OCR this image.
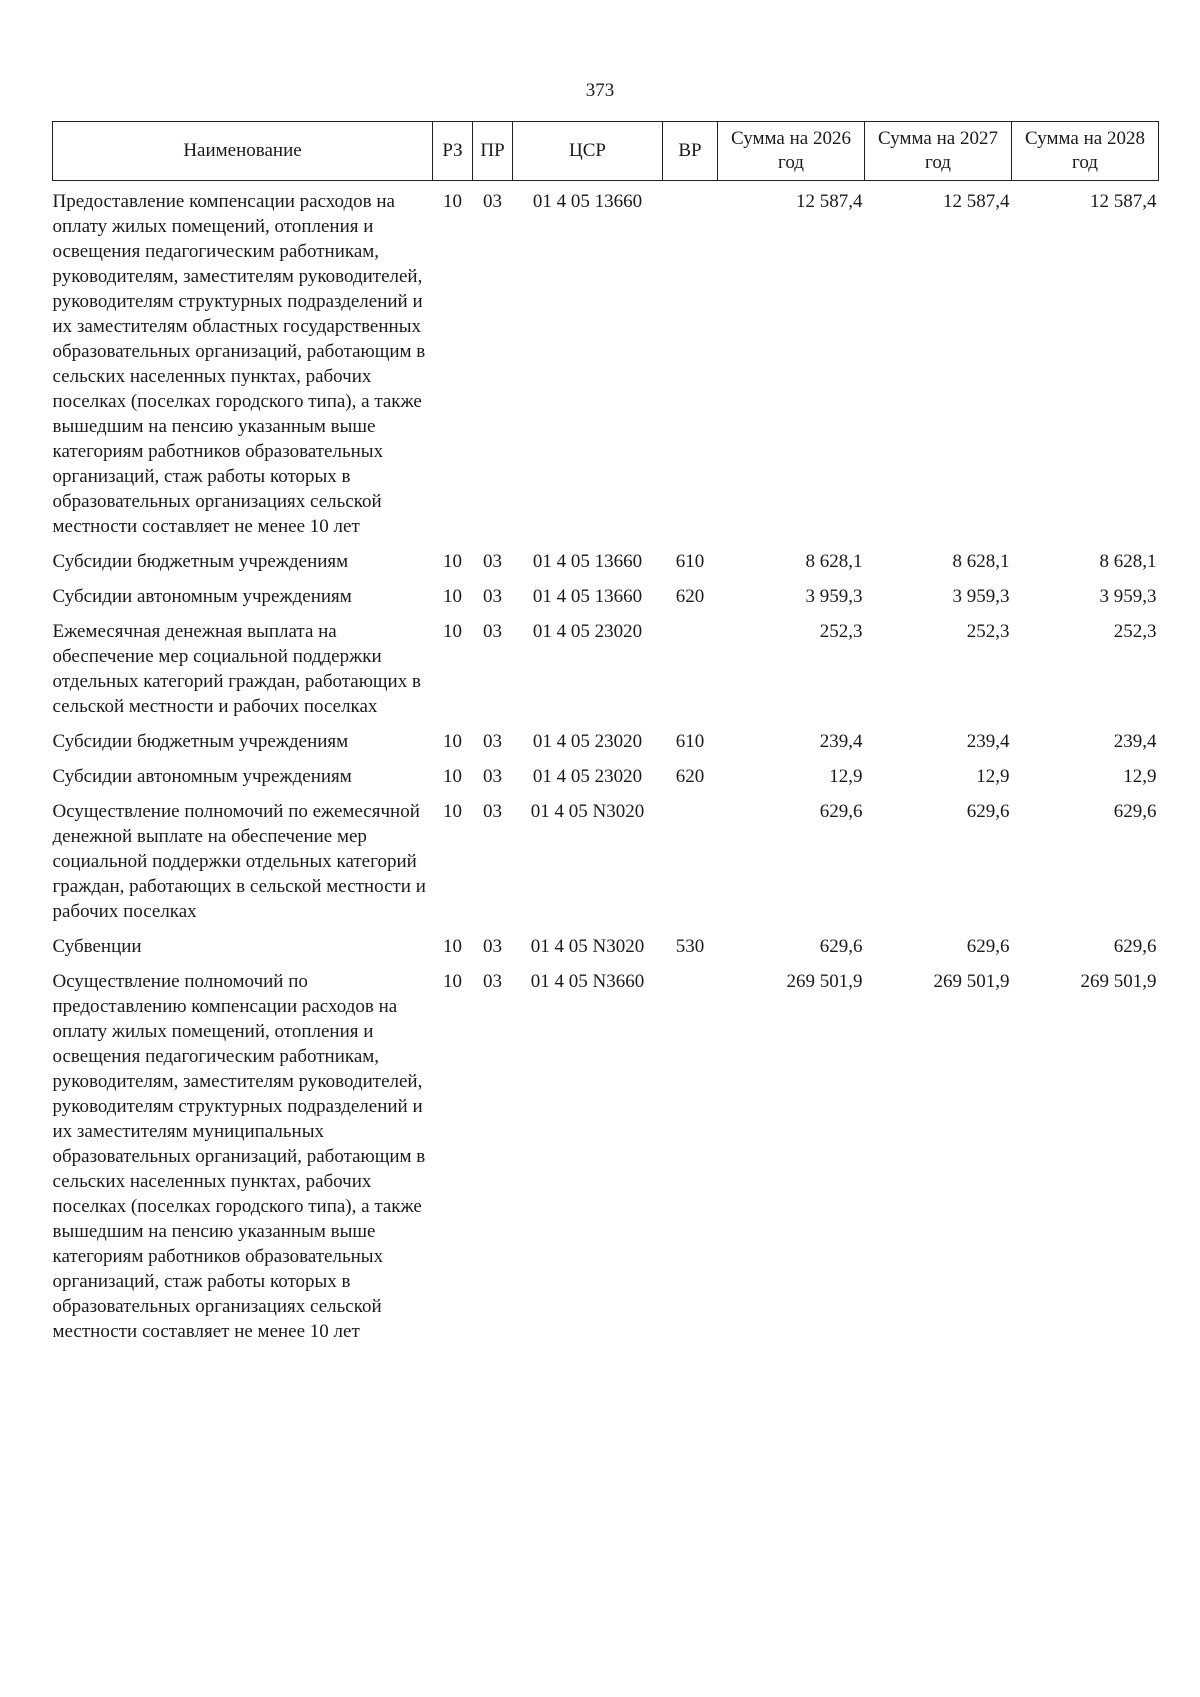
373
Наименование	РЗ	ПР	ЦСР	ВР	Сумма на 2026 год	Сумма на 2027 год	Сумма на 2028 год
Предоставление компенсации расходов на оплату жилых помещений, отопления и освещения педагогическим работникам, руководителям, заместителям руководителей, руководителям структурных подразделений и их заместителям областных государственных образовательных организаций, работающим в сельских населенных пунктах, рабочих поселках (поселках городского типа), а также вышедшим на пенсию указанным выше категориям работников образовательных организаций, стаж работы которых в образовательных организациях сельской местности составляет не менее 10 лет	10	03	01 4 05 13660		12 587,4	12 587,4	12 587,4
Субсидии бюджетным учреждениям	10	03	01 4 05 13660	610	8 628,1	8 628,1	8 628,1
Субсидии автономным учреждениям	10	03	01 4 05 13660	620	3 959,3	3 959,3	3 959,3
Ежемесячная денежная выплата на обеспечение мер социальной поддержки отдельных категорий граждан, работающих в сельской местности и рабочих поселках	10	03	01 4 05 23020		252,3	252,3	252,3
Субсидии бюджетным учреждениям	10	03	01 4 05 23020	610	239,4	239,4	239,4
Субсидии автономным учреждениям	10	03	01 4 05 23020	620	12,9	12,9	12,9
Осуществление полномочий по ежемесячной денежной выплате на обеспечение мер социальной поддержки отдельных категорий граждан, работающих в сельской местности и рабочих поселках	10	03	01 4 05 N3020		629,6	629,6	629,6
Субвенции	10	03	01 4 05 N3020	530	629,6	629,6	629,6
Осуществление полномочий по предоставлению компенсации расходов на оплату жилых помещений, отопления и освещения педагогическим работникам, руководителям, заместителям руководителей, руководителям структурных подразделений и их заместителям муниципальных образовательных организаций, работающим в сельских населенных пунктах, рабочих поселках (поселках городского типа), а также вышедшим на пенсию указанным выше категориям работников образовательных организаций, стаж работы которых в образовательных организациях сельской местности составляет не менее 10 лет	10	03	01 4 05 N3660		269 501,9	269 501,9	269 501,9
